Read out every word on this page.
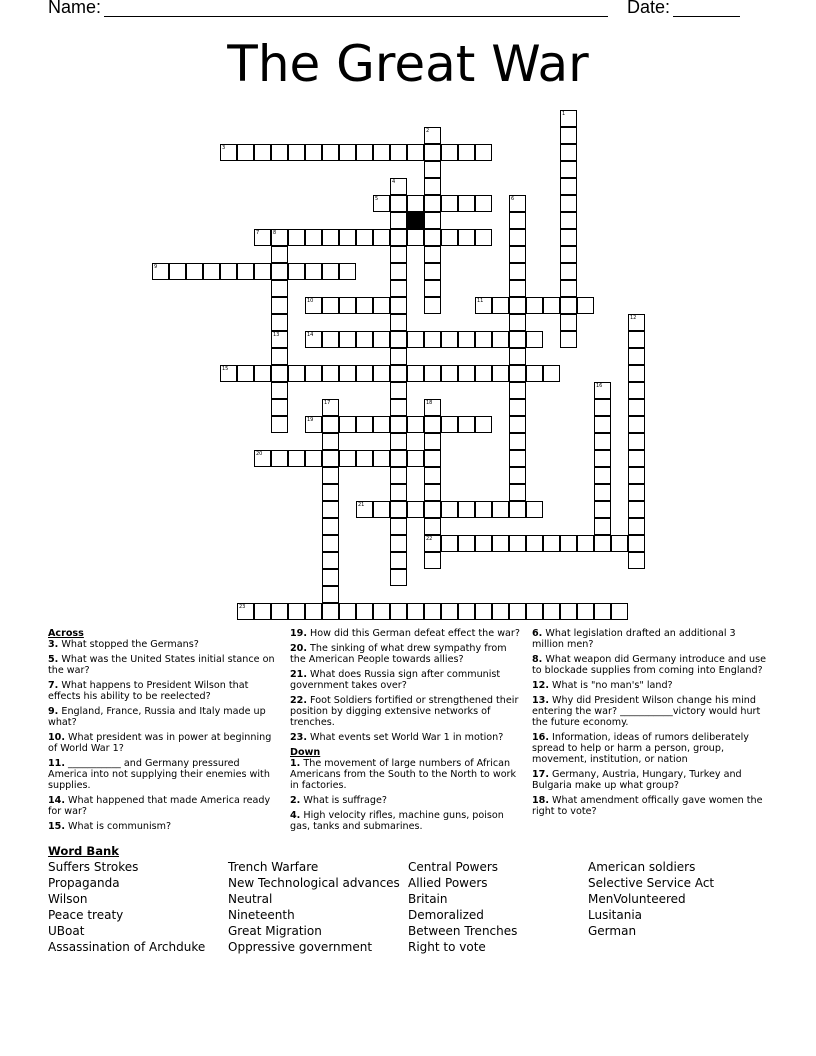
Name:	Date:
The Great War
1
2
3
4
5	6
7	8
9
10	11
12
13	14
15
16
17	18
19
20
21
22
23
Across
3. What stopped the Germans?
5. What was the United States initial stance on the war?
7. What happens to President Wilson that effects his ability to be reelected?
9. England, France, Russia and Italy made up what?
10. What president was in power at beginning of World War 1?
11. ___________ and Germany pressured America into not supplying their enemies with supplies.
14. What happened that made America ready for war?
15. What is communism?
19. How did this German defeat effect the war?
20. The sinking of what drew sympathy from the American People towards allies?
21. What does Russia sign after communist government takes over?
22. Foot Soldiers fortified or strengthened their position by digging extensive networks of trenches.
23. What events set World War 1 in motion?
Down
1. The movement of large numbers of African Americans from the South to the North to work in factories.
2. What is suffrage?
4. High velocity rifles, machine guns, poison gas, tanks and submarines.
6. What legislation drafted an additional 3 million men?
8. What weapon did Germany introduce and use to blockade supplies from coming into England?
12. What is "no man's" land?
13. Why did President Wilson change his mind entering the war? ___________victory would hurt the future economy.
16. Information, ideas of rumors deliberately spread to help or harm a person, group, movement, institution, or nation
17. Germany, Austria, Hungary, Turkey and Bulgaria make up what group?
18. What amendment offically gave women the right to vote?
Word Bank
Suffers Strokes
Propaganda
Wilson
Peace treaty
UBoat
Assassination of Archduke
Trench Warfare
New Technological advances
Neutral
Nineteenth
Great Migration
Oppressive government
Central Powers
Allied Powers
Britain
Demoralized
Between Trenches
Right to vote
American soldiers
Selective Service Act
MenVolunteered
Lusitania
German
